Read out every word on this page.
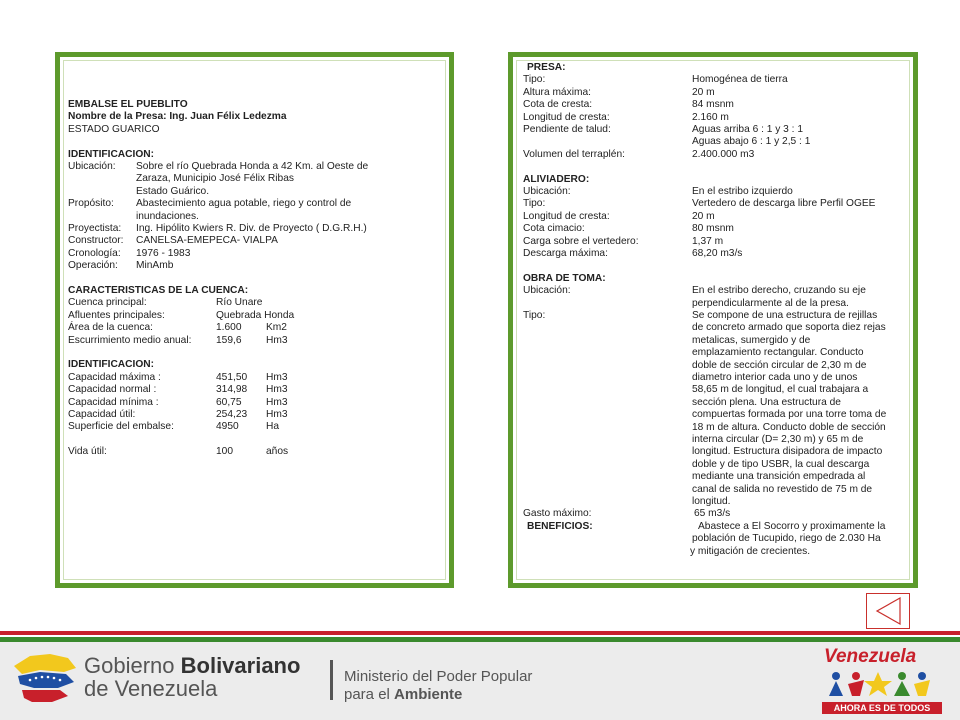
EMBALSE EL PUEBLITO
Nombre de la Presa: Ing. Juan Félix Ledezma
ESTADO GUARICO
IDENTIFICACION:
Ubicación: Sobre el río Quebrada Honda a 42 Km. al Oeste de
Zaraza, Municipio José Félix Ribas
Estado Guárico.
Propósito: Abastecimiento agua potable, riego y control de
inundaciones.
Proyectista: Ing. Hipólito Kwiers R. Div. de Proyecto ( D.G.R.H.)
Constructor: CANELSA-EMEPECA- VIALPA
Cronología: 1976 - 1983
Operación: MinAmb
CARACTERISTICAS DE LA CUENCA:
Cuenca principal:	Río Unare
Afluentes principales:	Quebrada Honda
Área de la cuenca:	1.600 Km2
Escurrimiento medio anual: 159,6 Hm3
IDENTIFICACION:
Capacidad máxima :	451,50 Hm3
Capacidad normal :	314,98 Hm3
Capacidad mínima :	60,75 Hm3
Capacidad útil:	254,23 Hm3
Superficie del embalse:	4950	Ha
Vida útil:	100	años
PRESA:
Tipo:	Homogénea de tierra
Altura máxima:	20 m
Cota de cresta:	84 msnm
Longitud de cresta:	2.160 m
Pendiente de talud:	Aguas arriba 6 : 1 y 3 : 1
Aguas abajo 6 : 1 y 2,5 : 1
Volumen del terraplén:	2.400.000 m3
ALIVIADERO:
Ubicación:	En el estribo izquierdo
Tipo:	Vertedero de descarga libre Perfil OGEE
Longitud de cresta:	20 m
Cota cimacio:	80 msnm
Carga sobre el vertedero:	1,37 m
Descarga máxima:	68,20 m3/s
OBRA DE TOMA:
Ubicación:	En el estribo derecho, cruzando su eje
perpendicularmente al de la presa.
Tipo:	Se compone de una estructura de rejillas
de concreto armado que soporta diez rejas
metalicas, sumergido y de
emplazamiento rectangular. Conducto
doble de sección circular de 2,30 m de
diametro interior cada uno y de unos
58,65 m de longitud, el cual trabajara a
sección plena. Una estructura de
compuertas formada por una torre toma de
18 m de altura. Conducto doble de sección
interna circular (D= 2,30 m) y 65 m de
longitud. Estructura disipadora de impacto
doble y de tipo USBR, la cual descarga
mediante una transición empedrada al
canal de salida no revestido de 75 m de
longitud.
Gasto máximo:	65 m3/s
BENEFICIOS:	Abastece a El Socorro y proximamente la
población de Tucupido, riego de 2.030 Ha
y mitigación de crecientes.
Gobierno Bolivariano
de Venezuela	Ministerio del Poder Popular
para el Ambiente
Venezuela
AHORA ES DE TODOS
